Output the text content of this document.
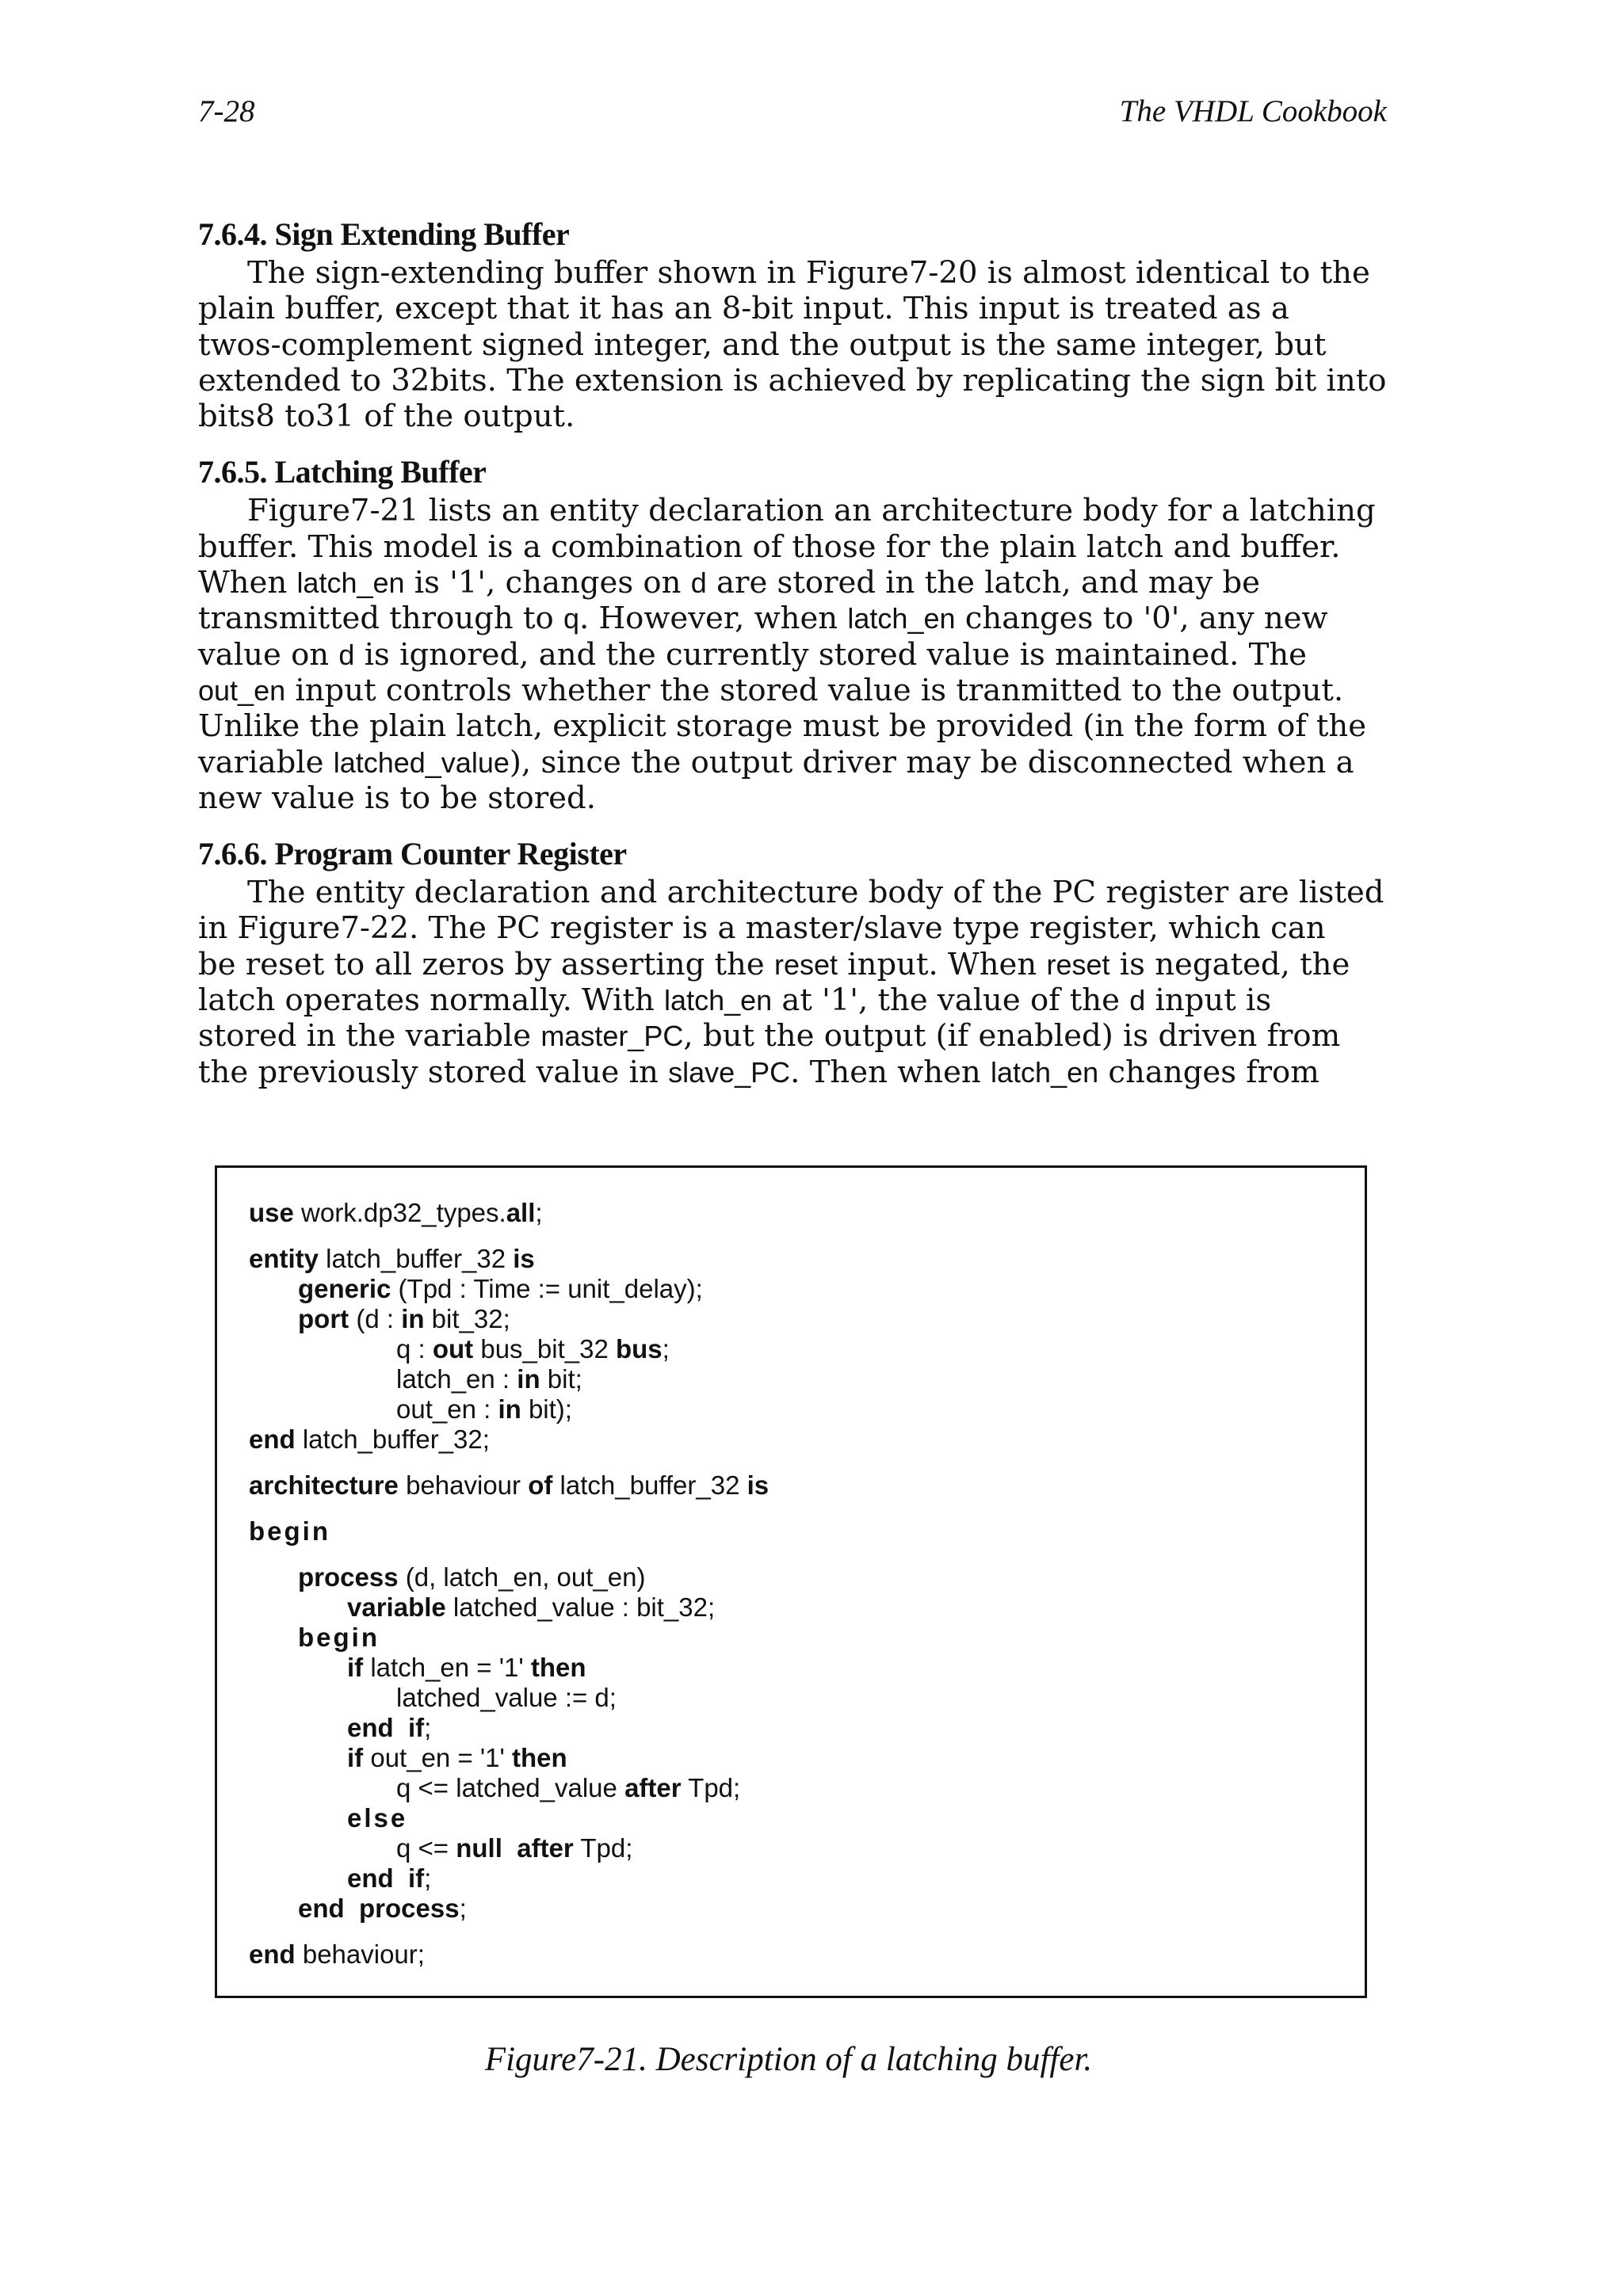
7-28	The VHDL Cookbook
7.6.4. Sign Extending Buffer

The sign-extending buffer shown in Figure7-20 is almost identical to the
plain buffer, except that it has an 8-bit input. This input is treated as a
twos-complement signed integer, and the output is the same integer, but
extended to 32bits. The extension is achieved by replicating the sign bit into
bits8 to31 of the output.

7.6.5. Latching Buffer

Figure7-21 lists an entity declaration an architecture body for a latching
buffer. This model is a combination of those for the plain latch and buffer.
When latch_en is '1', changes on d are stored in the latch, and may be
transmitted through to q. However, when latch_en changes to '0', any new
value on d is ignored, and the currently stored value is maintained. The
out_en input controls whether the stored value is tranmitted to the output.
Unlike the plain latch, explicit storage must be provided (in the form of the
variable latched_value), since the output driver may be disconnected when a
new value is to be stored.

7.6.6. Program Counter Register

The entity declaration and architecture body of the PC register are listed
in Figure7-22. The PC register is a master/slave type register, which can
be reset to all zeros by asserting the reset input. When reset is negated, the
latch operates normally. With latch_en at '1', the value of the d input is
stored in the variable master_PC, but the output (if enabled) is driven from
the previously stored value in slave_PC. Then when latch_en changes from

use work.dp32_types.all;
entity latch_buffer_32 is
generic (Tpd : Time := unit_delay);
port (d : in bit_32;
q : out bus_bit_32 bus;
latch_en : in bit;
out_en : in bit);
end latch_buffer_32;
architecture behaviour of latch_buffer_32 is
begin
process (d, latch_en, out_en)
variable latched_value : bit_32;
begin
if latch_en = '1' then
latched_value := d;
end  if;
if out_en = '1' then
q <= latched_value after Tpd;
else
q <= null  after Tpd;
end  if;
end  process;
end behaviour;
Figure7-21. Description of a latching buffer.
